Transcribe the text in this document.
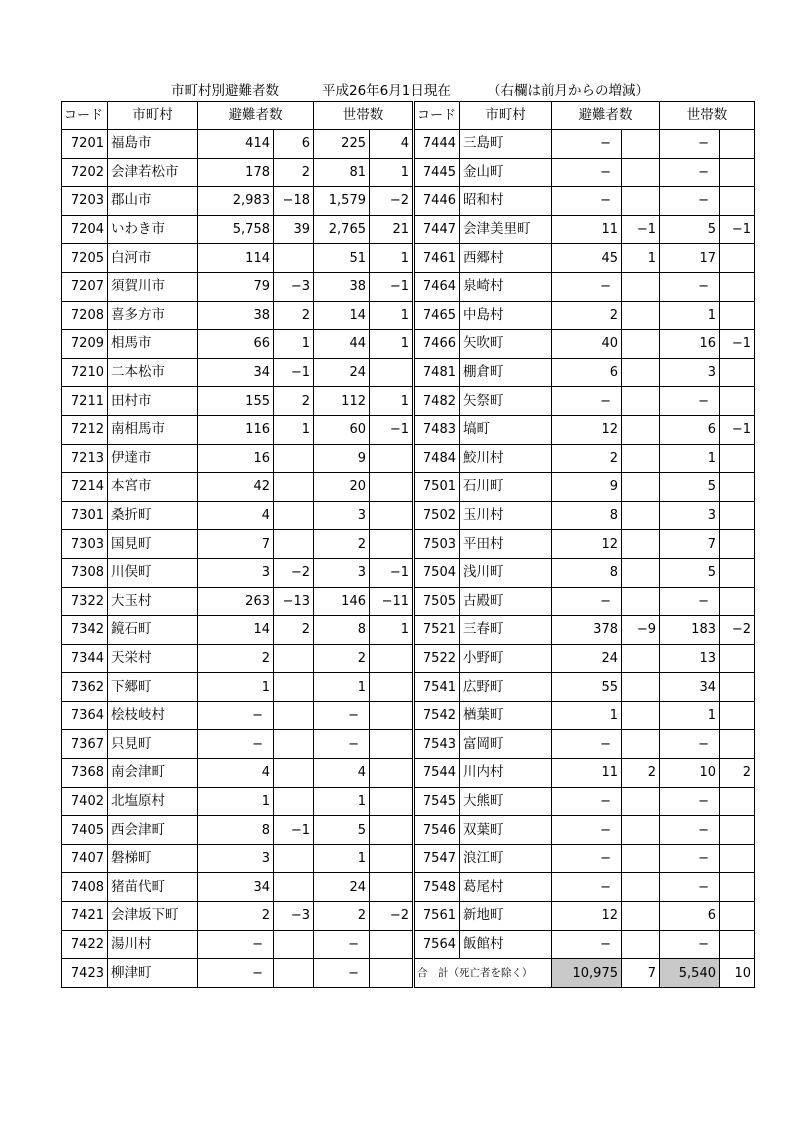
市町村別避難者数

	平成26年6月1日現在

	（右欄は前月からの増減）

コード	市町村	避難者数		世帯数		コード	市町村	避難者数		世帯数	
7201	福島市	414	6	225	4	7444	三島町	−		−	
7202	会津若松市	178	2	81	1	7445	金山町	−		−	
7203	郡山市	2,983	−18	1,579	−2	7446	昭和村	−		−	
7204	いわき市	5,758	39	2,765	21	7447	会津美里町	11	−1	5	−1
7205	白河市	114		51	1	7461	西郷村	45	1	17	
7207	須賀川市	79	−3	38	−1	7464	泉崎村	−		−	
7208	喜多方市	38	2	14	1	7465	中島村	2		1	
7209	相馬市	66	1	44	1	7466	矢吹町	40		16	−1
7210	二本松市	34	−1	24		7481	棚倉町	6		3	
7211	田村市	155	2	112	1	7482	矢祭町	−		−	
7212	南相馬市	116	1	60	−1	7483	塙町	12		6	−1
7213	伊達市	16		9		7484	鮫川村	2		1	
7214	本宮市	42		20		7501	石川町	9		5	
7301	桑折町	4		3		7502	玉川村	8		3	
7303	国見町	7		2		7503	平田村	12		7	
7308	川俣町	3	−2	3	−1	7504	浅川町	8		5	
7322	大玉村	263	−13	146	−11	7505	古殿町	−		−	
7342	鏡石町	14	2	8	1	7521	三春町	378	−9	183	−2
7344	天栄村	2		2		7522	小野町	24		13	
7362	下郷町	1		1		7541	広野町	55		34	
7364	桧枝岐村	−		−		7542	楢葉町	1		1	
7367	只見町	−		−		7543	富岡町	−		−	
7368	南会津町	4		4		7544	川内村	11	2	10	2
7402	北塩原村	1		1		7545	大熊町	−		−	
7405	西会津町	8	−1	5		7546	双葉町	−		−	
7407	磐梯町	3		1		7547	浪江町	−		−	
7408	猪苗代町	34		24		7548	葛尾村	−		−	
7421	会津坂下町	2	−3	2	−2	7561	新地町	12		6	
7422	湯川村	−		−		7564	飯館村	−		−	
7423	柳津町	−		−		合　計（死亡者を除く）		10,975	7	5,540	10
